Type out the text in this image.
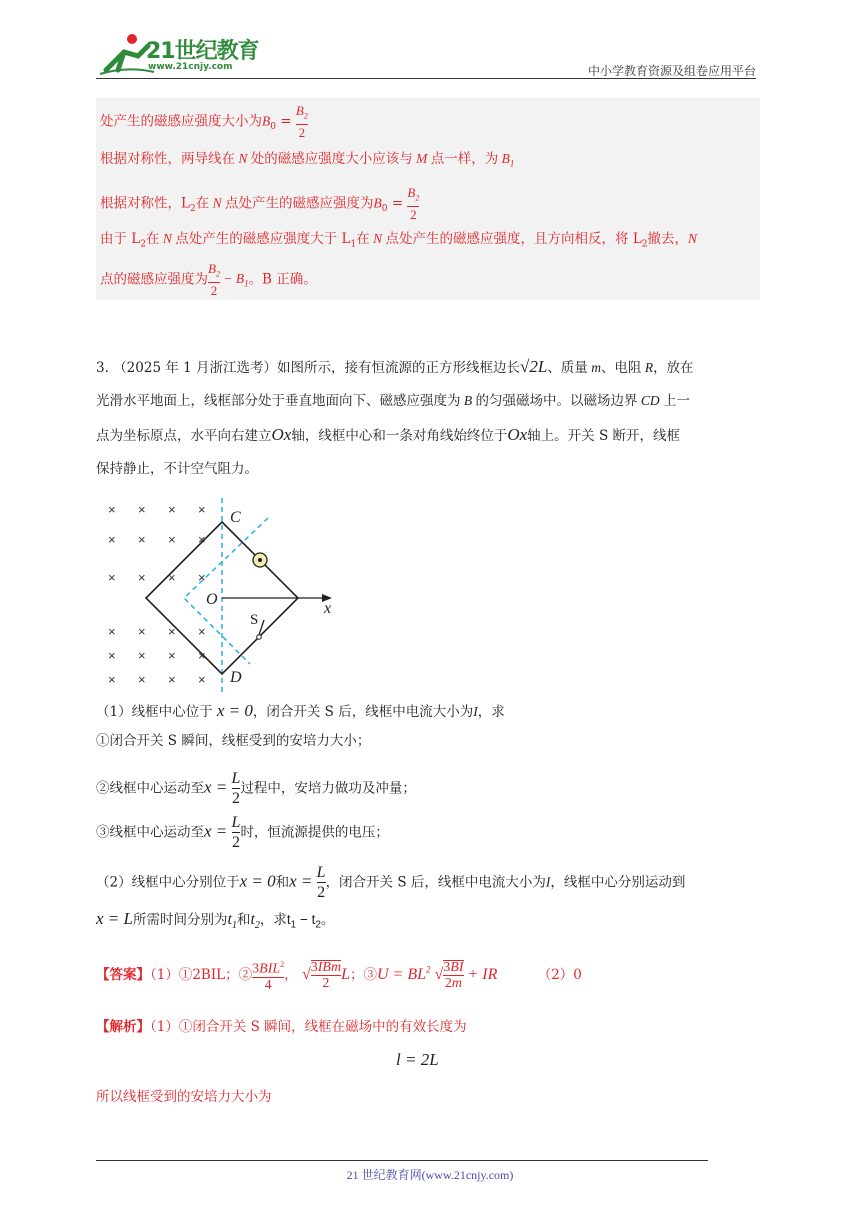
21世纪教育
www.21cnjy.com	中小学教育资源及组卷应用平台
处产生的磁感应强度大小为$B_0 = \frac{B_2}{2}$
根据对称性，两导线在 N 处的磁感应强度大小应该与 M 点一样，为 $B_1$
根据对称性，$L_2$在 N 点处产生的磁感应强度为$B_0 = \frac{B_2}{2}$
由于 $L_2$在 N 点处产生的磁感应强度大于 $L_1$在 N 点处产生的磁感应强度，且方向相反，将 $L_2$撤去，N
点的磁感应强度为 $\frac{B_2}{2} - B_1$。B 正确。
3. （2025 年 1 月浙江选考）如图所示，接有恒流源的正方形线框边长√2L、质量 m、电阻 R，放在
光滑水平地面上，线框部分处于垂直地面向下、磁感应强度为 B 的匀强磁场中。以磁场边界 CD 上一
点为坐标原点，水平向右建立Ox轴，线框中心和一条对角线始终位于Ox轴上。开关 S 断开，线框
保持静止，不计空气阻力。
× × × ×
× × × ×
× × × ×
× × × ×
× × × ×
× × × ×
C
D
O
S
x
（1）线框中心位于 x = 0，闭合开关 S 后，线框中电流大小为I，求
①闭合开关 S 瞬间，线框受到的安培力大小；
②线框中心运动至$x = \frac{L}{2}$ 过程中，安培力做功及冲量；
③线框中心运动至$x = \frac{L}{2}$ 时，恒流源提供的电压；
（2）线框中心分别位于x = 0和$x = \frac{L}{2}$ ，闭合开关 S 后，线框中电流大小为I，线框中心分别运动到
x = L所需时间分别为$t_1$和$t_2$，求$t_1 - t_2$。
【答案】（1）①2BIL；② $\frac{3BIL^2}{4}$ ， √ $\frac{\text{3IBm}}{2}$ L；③U = $BL^2$ √ $\frac{3BI}{2m}$ + IR	（2）0
【解析】（1）①闭合开关 S 瞬间，线框在磁场中的有效长度为
l = 2L
所以线框受到的安培力大小为
21 世纪教育网(www.21cnjy.com)
